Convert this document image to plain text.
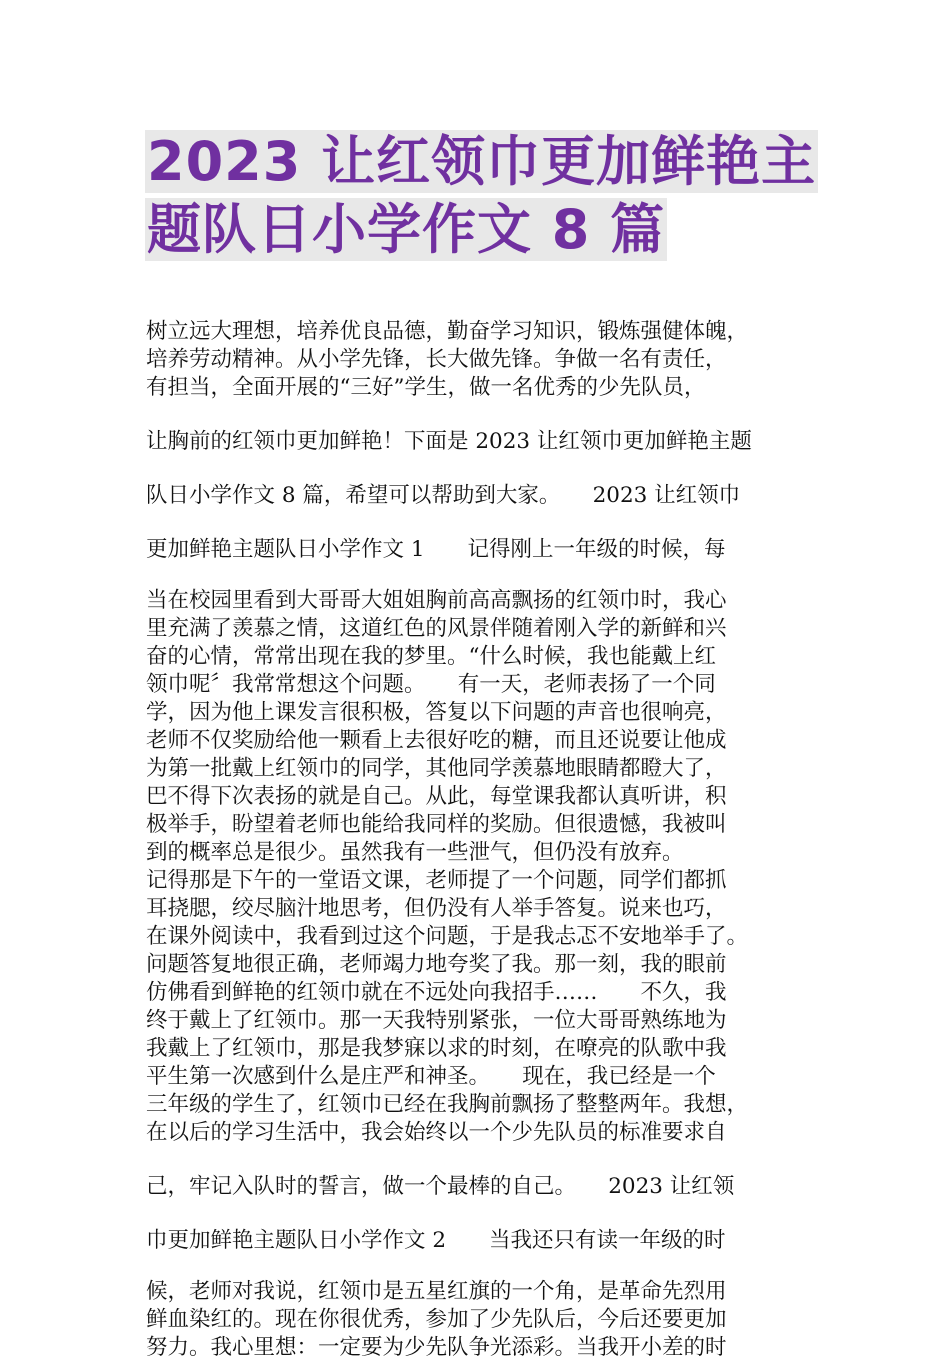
2023 让红领巾更加鲜艳主
题队日小学作文 8 篇
树立远大理想，培养优良品德，勤奋学习知识，锻炼强健体魄，
培养劳动精神。从小学先锋，长大做先锋。争做一名有责任，
有担当，全面开展的“三好”学生，做一名优秀的少先队员，
让胸前的红领巾更加鲜艳！下面是 2023 让红领巾更加鲜艳主题
队日小学作文 8 篇，希望可以帮助到大家。　　2023 让红领巾
更加鲜艳主题队日小学作文 1　　记得刚上一年级的时候，每
当在校园里看到大哥哥大姐姐胸前高高飘扬的红领巾时，我心
里充满了羡慕之情，这道红色的风景伴随着刚入学的新鲜和兴
奋的心情，常常出现在我的梦里。“什么时候，我也能戴上红
领巾呢〞我常常想这个问题。　　有一天，老师表扬了一个同
学，因为他上课发言很积极，答复以下问题的声音也很响亮，
老师不仅奖励给他一颗看上去很好吃的糖，而且还说要让他成
为第一批戴上红领巾的同学，其他同学羡慕地眼睛都瞪大了，
巴不得下次表扬的就是自己。从此，每堂课我都认真听讲，积
极举手，盼望着老师也能给我同样的奖励。但很遗憾，我被叫
到的概率总是很少。虽然我有一些泄气，但仍没有放弃。　　
记得那是下午的一堂语文课，老师提了一个问题，同学们都抓
耳挠腮，绞尽脑汁地思考，但仍没有人举手答复。说来也巧，
在课外阅读中，我看到过这个问题，于是我忐忑不安地举手了。
问题答复地很正确，老师竭力地夸奖了我。那一刻，我的眼前
仿佛看到鲜艳的红领巾就在不远处向我招手……　　不久，我
终于戴上了红领巾。那一天我特别紧张，一位大哥哥熟练地为
我戴上了红领巾，那是我梦寐以求的时刻，在嘹亮的队歌中我
平生第一次感到什么是庄严和神圣。　　现在，我已经是一个
三年级的学生了，红领巾已经在我胸前飘扬了整整两年。我想，
在以后的学习生活中，我会始终以一个少先队员的标准要求自
己，牢记入队时的誓言，做一个最棒的自己。　　2023 让红领
巾更加鲜艳主题队日小学作文 2　　当我还只有读一年级的时
候，老师对我说，红领巾是五星红旗的一个角，是革命先烈用
鲜血染红的。现在你很优秀，参加了少先队后，今后还要更加
努力。我心里想：一定要为少先队争光添彩。当我开小差的时
